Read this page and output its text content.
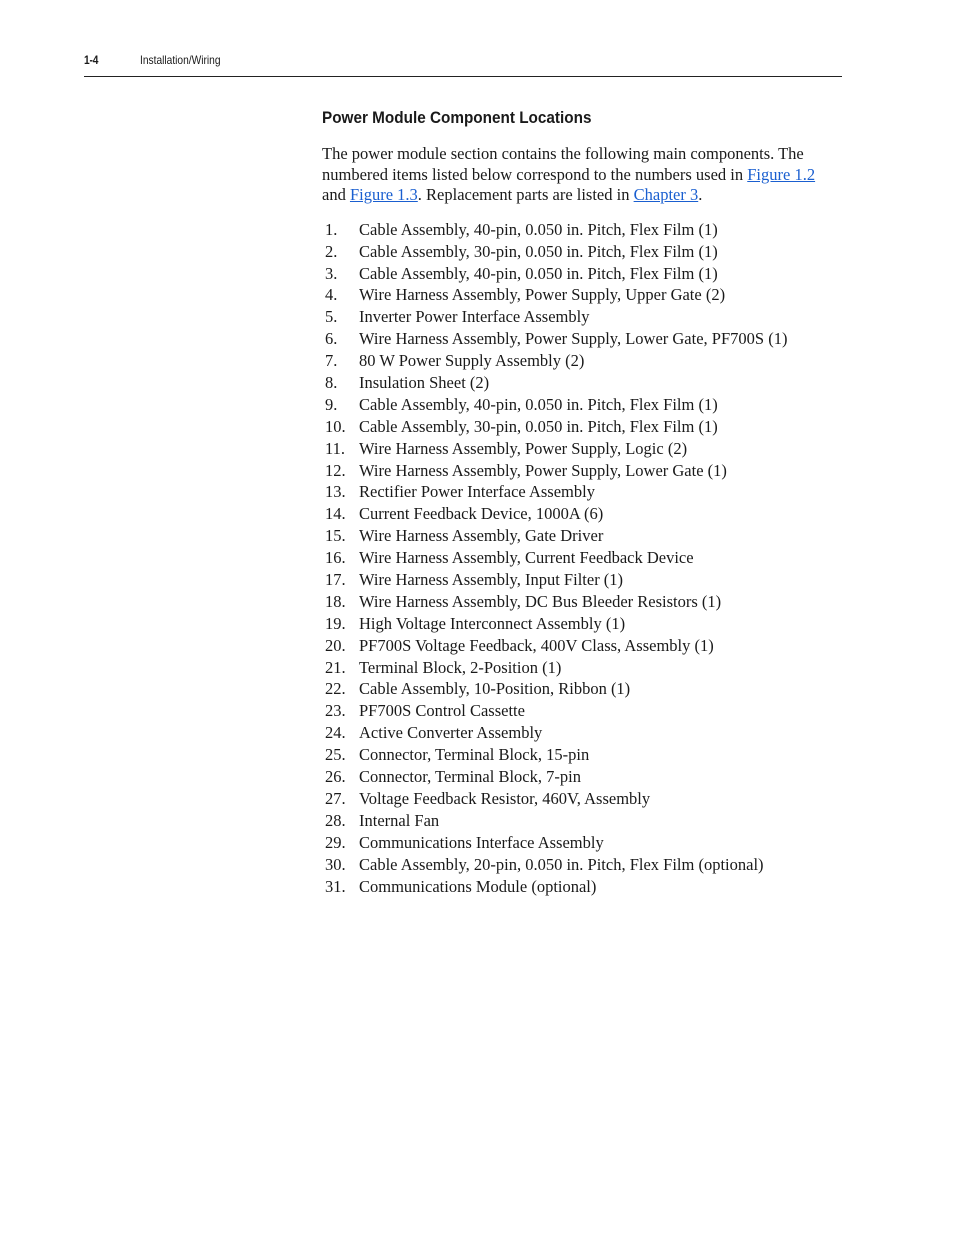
1-4	Installation/Wiring
Power Module Component Locations

The power module section contains the following main components. The numbered items listed below correspond to the numbers used in Figure 1.2
and Figure 1.3. Replacement parts are listed in Chapter 3.

1. Cable Assembly, 40-pin, 0.050 in. Pitch, Flex Film (1)
2. Cable Assembly, 30-pin, 0.050 in. Pitch, Flex Film (1)
3. Cable Assembly, 40-pin, 0.050 in. Pitch, Flex Film (1)
4. Wire Harness Assembly, Power Supply, Upper Gate (2)
5. Inverter Power Interface Assembly
6. Wire Harness Assembly, Power Supply, Lower Gate, PF700S (1)
7. 80 W Power Supply Assembly (2)
8. Insulation Sheet (2)
9. Cable Assembly, 40-pin, 0.050 in. Pitch, Flex Film (1)
10. Cable Assembly, 30-pin, 0.050 in. Pitch, Flex Film (1)
11. Wire Harness Assembly, Power Supply, Logic (2)
12. Wire Harness Assembly, Power Supply, Lower Gate (1)
13. Rectifier Power Interface Assembly
14. Current Feedback Device, 1000A (6)
15. Wire Harness Assembly, Gate Driver
16. Wire Harness Assembly, Current Feedback Device
17. Wire Harness Assembly, Input Filter (1)
18. Wire Harness Assembly, DC Bus Bleeder Resistors (1)
19. High Voltage Interconnect Assembly (1)
20. PF700S Voltage Feedback, 400V Class, Assembly (1)
21. Terminal Block, 2-Position (1)
22. Cable Assembly, 10-Position, Ribbon (1)
23. PF700S Control Cassette
24. Active Converter Assembly
25. Connector, Terminal Block, 15-pin
26. Connector, Terminal Block, 7-pin
27. Voltage Feedback Resistor, 460V, Assembly
28. Internal Fan
29. Communications Interface Assembly
30. Cable Assembly, 20-pin, 0.050 in. Pitch, Flex Film (optional)
31. Communications Module (optional)
